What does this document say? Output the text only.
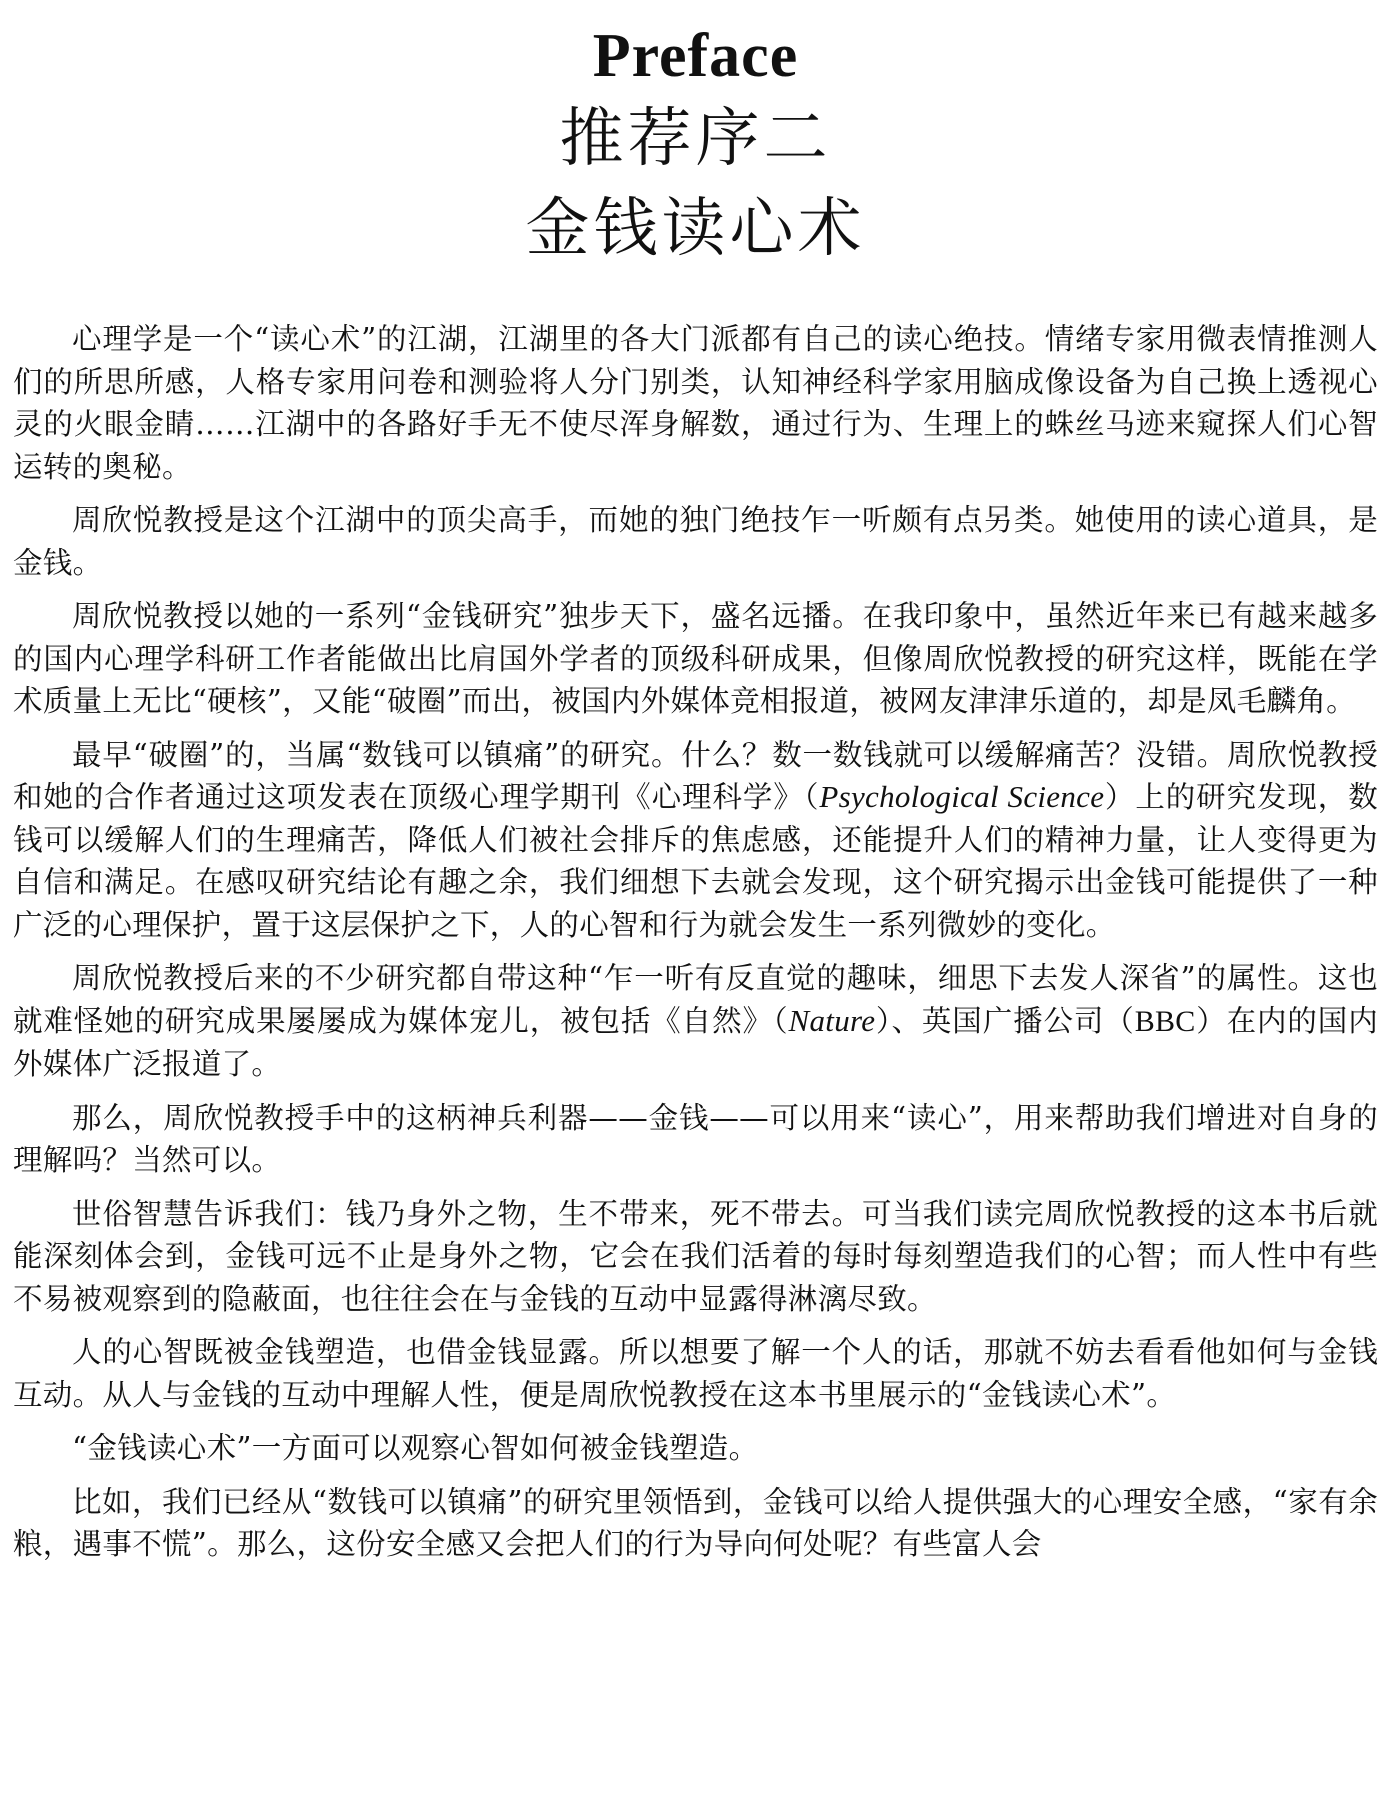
Preface
推荐序二
金钱读心术

心理学是一个“读心术”的江湖，江湖里的各大门派都有自己的读心绝技。情绪专家用微表情推测人们的所思所感，人格专家用问卷和测验将人分门别类，认知神经科学家用脑成像设备为自己换上透视心灵的火眼金睛……江湖中的各路好手无不使尽浑身解数，通过行为、生理上的蛛丝马迹来窥探人们心智运转的奥秘。

周欣悦教授是这个江湖中的顶尖高手，而她的独门绝技乍一听颇有点另类。她使用的读心道具，是金钱。

周欣悦教授以她的一系列“金钱研究”独步天下，盛名远播。在我印象中，虽然近年来已有越来越多的国内心理学科研工作者能做出比肩国外学者的顶级科研成果，但像周欣悦教授的研究这样，既能在学术质量上无比“硬核”，又能“破圈”而出，被国内外媒体竞相报道，被网友津津乐道的，却是凤毛麟角。

最早“破圈”的，当属“数钱可以镇痛”的研究。什么？数一数钱就可以缓解痛苦？没错。周欣悦教授和她的合作者通过这项发表在顶级心理学期刊《心理科学》（Psychological Science）上的研究发现，数钱可以缓解人们的生理痛苦，降低人们被社会排斥的焦虑感，还能提升人们的精神力量，让人变得更为自信和满足。在感叹研究结论有趣之余，我们细想下去就会发现，这个研究揭示出金钱可能提供了一种广泛的心理保护，置于这层保护之下，人的心智和行为就会发生一系列微妙的变化。

周欣悦教授后来的不少研究都自带这种“乍一听有反直觉的趣味，细思下去发人深省”的属性。这也就难怪她的研究成果屡屡成为媒体宠儿，被包括《自然》（Nature）、英国广播公司（BBC）在内的国内外媒体广泛报道了。

那么，周欣悦教授手中的这柄神兵利器——金钱——可以用来“读心”，用来帮助我们增进对自身的理解吗？当然可以。

世俗智慧告诉我们：钱乃身外之物，生不带来，死不带去。可当我们读完周欣悦教授的这本书后就能深刻体会到，金钱可远不止是身外之物，它会在我们活着的每时每刻塑造我们的心智；而人性中有些不易被观察到的隐蔽面，也往往会在与金钱的互动中显露得淋漓尽致。

人的心智既被金钱塑造，也借金钱显露。所以想要了解一个人的话，那就不妨去看看他如何与金钱互动。从人与金钱的互动中理解人性，便是周欣悦教授在这本书里展示的“金钱读心术”。

“金钱读心术”一方面可以观察心智如何被金钱塑造。

比如，我们已经从“数钱可以镇痛”的研究里领悟到，金钱可以给人提供强大的心理安全感，“家有余粮，遇事不慌”。那么，这份安全感又会把人们的行为导向何处呢？有些富人会
